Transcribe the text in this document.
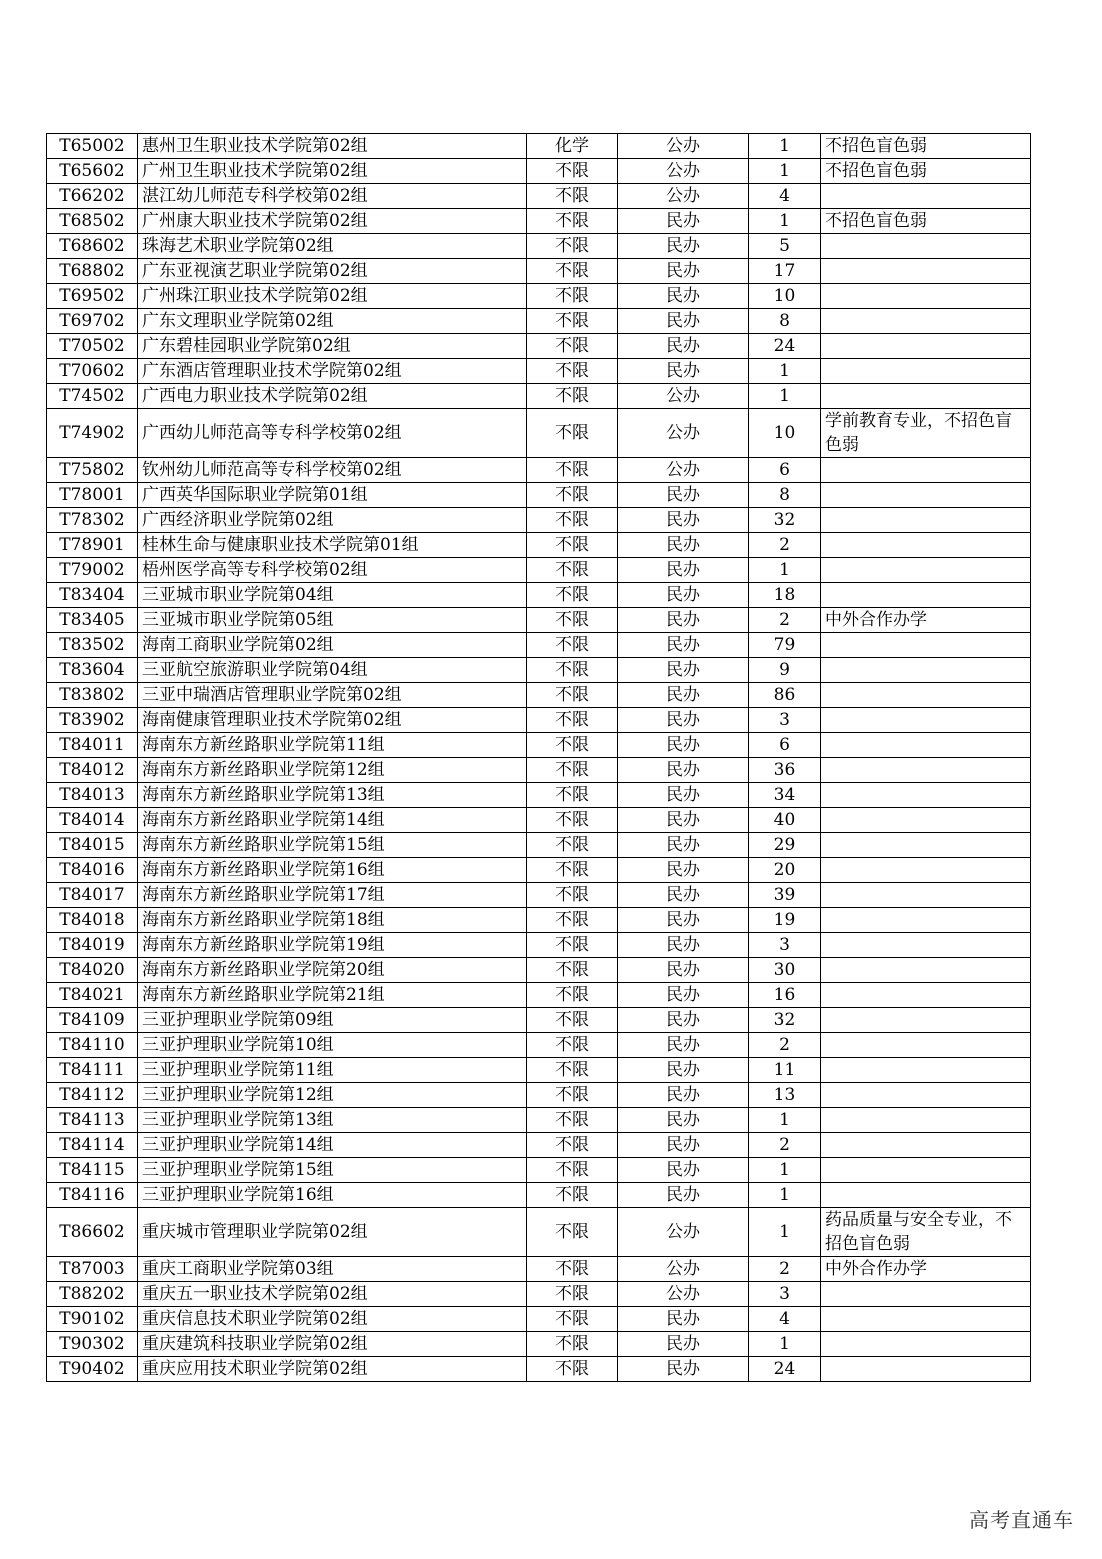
T65002	惠州卫生职业技术学院第02组	化学	公办	1	不招色盲色弱
T65602	广州卫生职业技术学院第02组	不限	公办	1	不招色盲色弱
T66202	湛江幼儿师范专科学校第02组	不限	公办	4	
T68502	广州康大职业技术学院第02组	不限	民办	1	不招色盲色弱
T68602	珠海艺术职业学院第02组	不限	民办	5	
T68802	广东亚视演艺职业学院第02组	不限	民办	17	
T69502	广州珠江职业技术学院第02组	不限	民办	10	
T69702	广东文理职业学院第02组	不限	民办	8	
T70502	广东碧桂园职业学院第02组	不限	民办	24	
T70602	广东酒店管理职业技术学院第02组	不限	民办	1	
T74502	广西电力职业技术学院第02组	不限	公办	1	
T74902	广西幼儿师范高等专科学校第02组	不限	公办	10	学前教育专业，不招色盲色弱
T75802	钦州幼儿师范高等专科学校第02组	不限	公办	6	
T78001	广西英华国际职业学院第01组	不限	民办	8	
T78302	广西经济职业学院第02组	不限	民办	32	
T78901	桂林生命与健康职业技术学院第01组	不限	民办	2	
T79002	梧州医学高等专科学校第02组	不限	民办	1	
T83404	三亚城市职业学院第04组	不限	民办	18	
T83405	三亚城市职业学院第05组	不限	民办	2	中外合作办学
T83502	海南工商职业学院第02组	不限	民办	79	
T83604	三亚航空旅游职业学院第04组	不限	民办	9	
T83802	三亚中瑞酒店管理职业学院第02组	不限	民办	86	
T83902	海南健康管理职业技术学院第02组	不限	民办	3	
T84011	海南东方新丝路职业学院第11组	不限	民办	6	
T84012	海南东方新丝路职业学院第12组	不限	民办	36	
T84013	海南东方新丝路职业学院第13组	不限	民办	34	
T84014	海南东方新丝路职业学院第14组	不限	民办	40	
T84015	海南东方新丝路职业学院第15组	不限	民办	29	
T84016	海南东方新丝路职业学院第16组	不限	民办	20	
T84017	海南东方新丝路职业学院第17组	不限	民办	39	
T84018	海南东方新丝路职业学院第18组	不限	民办	19	
T84019	海南东方新丝路职业学院第19组	不限	民办	3	
T84020	海南东方新丝路职业学院第20组	不限	民办	30	
T84021	海南东方新丝路职业学院第21组	不限	民办	16	
T84109	三亚护理职业学院第09组	不限	民办	32	
T84110	三亚护理职业学院第10组	不限	民办	2	
T84111	三亚护理职业学院第11组	不限	民办	11	
T84112	三亚护理职业学院第12组	不限	民办	13	
T84113	三亚护理职业学院第13组	不限	民办	1	
T84114	三亚护理职业学院第14组	不限	民办	2	
T84115	三亚护理职业学院第15组	不限	民办	1	
T84116	三亚护理职业学院第16组	不限	民办	1	
T86602	重庆城市管理职业学院第02组	不限	公办	1	药品质量与安全专业，不招色盲色弱
T87003	重庆工商职业学院第03组	不限	公办	2	中外合作办学
T88202	重庆五一职业技术学院第02组	不限	公办	3	
T90102	重庆信息技术职业学院第02组	不限	民办	4	
T90302	重庆建筑科技职业学院第02组	不限	民办	1	
T90402	重庆应用技术职业学院第02组	不限	民办	24	
高考直通车
